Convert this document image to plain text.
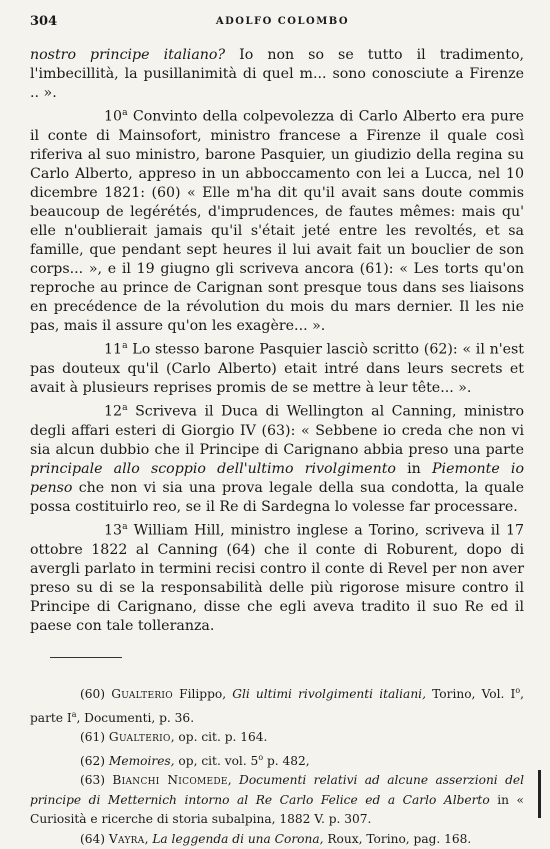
304	ADOLFO COLOMBO

nostro principe italiano? Io non so se tutto il tradimento, l'imbecillità, la pusillanimità di quel m... sono conosciute a Firenze .. ».

10$^a$ Convinto della colpevolezza di Carlo Alberto era pure il conte di Mainsofort, ministro francese a Firenze il quale così riferiva al suo ministro, barone Pasquier, un giudizio della regina su Carlo Alberto, appreso in un abboccamento con lei a Lucca, nel 10 dicembre 1821: (60) « Elle m'ha dit qu'il avait sans doute commis beaucoup de legérétés, d'imprudences, de fautes mêmes: mais qu' elle n'oublierait jamais qu'il s'était jeté entre les revoltés, et sa famille, que pendant sept heures il lui avait fait un bouclier de son corps... », e il 19 giugno gli scriveva ancora (61): « Les torts qu'on reproche au prince de Carignan sont presque tous dans ses liaisons en precédence de la révolution du mois du mars dernier. Il les nie pas, mais il assure qu'on les exagère... ».

11$^a$ Lo stesso barone Pasquier lasciò scritto (62): « il n'est pas douteux qu'il (Carlo Alberto) etait intré dans leurs secrets et avait à plusieurs reprises promis de se mettre à leur tête... ».

12$^a$ Scriveva il Duca di Wellington al Canning, ministro degli affari esteri di Giorgio IV (63): « Sebbene io creda che non vi sia alcun dubbio che il Principe di Carignano abbia preso una parte principale allo scoppio dell'ultimo rivolgimento in Piemonte io penso che non vi sia una prova legale della sua condotta, la quale possa costituirlo reo, se il Re di Sardegna lo volesse far processare.

13$^a$ William Hill, ministro inglese a Torino, scriveva il 17 ottobre 1822 al Canning (64) che il conte di Roburent, dopo di avergli parlato in termini recisi contro il conte di Revel per non aver preso su di se la responsabilità delle più rigorose misure contro il Principe di Carignano, disse che egli aveva tradito il suo Re ed il paese con tale tolleranza.

(60) Gualterio Filippo, Gli ultimi rivolgimenti italiani, Torino, Vol. $I^o$, parte $I^a$, Documenti, p. 36.

(61) Gualterio, op. cit. p. 164.

(62) Memoires, op, cit. vol. 5$^o$ p. 482,

(63) Bianchi Nicomede, Documenti relativi ad alcune asserzioni del principe di Metternich intorno al Re Carlo Felice ed a Carlo Alberto in « Curiosità e ricerche di storia subalpina, 1882 V. p. 307.

(64) Vayra, La leggenda di una Corona, Roux, Torino, pag. 168.
